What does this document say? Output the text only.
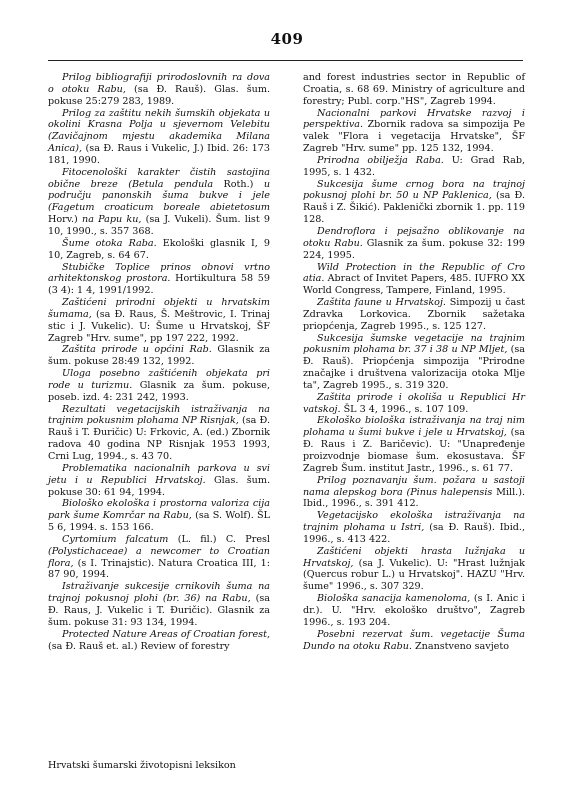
409

Prilog bibliografiji prirodoslovnih ra dova o otoku Rabu, (sa Đ. Rauš). Glas. šum. pokuse 25:279 283, 1989.

Prilog za zaštitu nekih šumskih objekata u okolini Krasna Polja u sjevernom Velebitu (Zavičajnom mjestu akademika Milana Anica), (sa Đ. Raus i Vukelic, J.) Ibid. 26: 173 181, 1990.

Fitocenološki karakter čistih sastojina obične breze (Betula pendula Roth.) u području panonskih šuma bukve i jele (Fagetum croaticum boreale abietetosum Horv.) na Papu ku, (sa J. Vukeli). Šum. list 9 10, 1990., s. 357 368.

Šume otoka Raba. Ekološki glasnik I, 9 10, Zagreb, s. 64 67.

Stubičke Toplice prinos obnovi vrtno arhitektonskog prostora. Hortikultura 58 59 (3 4): 1 4, 1991/1992.

Zaštićeni prirodni objekti u hrvatskim šumama, (sa Đ. Raus, Š. Meštrovic, I. Trinaj stic i J. Vukelic). U: Šume u Hrvatskoj, ŠF Zagreb "Hrv. sume", pp 197 222, 1992.

Zaštita prirode u općini Rab. Glasnik za šum. pokuse 28:49 132, 1992.

Uloga posebno zaštićenih objekata pri rode u turizmu. Glasnik za šum. pokuse, poseb. izd. 4: 231 242, 1993.

Rezultati vegetacijskih istraživanja na trajnim pokusnim plohama NP Risnjak, (sa Đ. Rauš i T. Đuričic) U: Frkovic, A. (ed.) Zbornik radova 40 godina NP Risnjak 1953 1993, Crni Lug, 1994., s. 43 70.

Problematika nacionalnih parkova u svi jetu i u Republici Hrvatskoj. Glas. šum. pokuse 30: 61 94, 1994.

Biološko ekološka i prostorna valoriza cija park šume Komrčar na Rabu, (sa S. Wolf). ŠL 5 6, 1994. s. 153 166.

Cyrtomium falcatum (L. fil.) C. Presl (Polystichaceae) a newcomer to Croatian flora, (s I. Trinajstic). Natura Croatica III, 1: 87 90, 1994.

Istraživanje sukcesije crnikovih šuma na trajnoj pokusnoj plohi (br. 36) na Rabu, (sa Đ. Raus, J. Vukelic i T. Đuričic). Glasnik za šum. pokuse 31: 93 134, 1994.

Protected Nature Areas of Croatian forest, (sa Đ. Rauš et. al.) Review of forestry

and forest industries sector in Republic of Croatia, s. 68 69. Ministry of agriculture and forestry; Publ. corp."HS", Zagreb 1994.

Nacionalni parkovi Hrvatske razvoj i perspektiva. Zbornik radova sa simpozija Pe valek "Flora i vegetacija Hrvatske", ŠF Zagreb "Hrv. sume" pp. 125 132, 1994.

Prirodna obilježja Raba. U: Grad Rab, 1995, s. 1 432.

Sukcesija šume crnog bora na trajnoj pokusnoj plohi br. 50 u NP Paklenica, (sa Đ. Rauš i Z. Šikić). Paklenički zbornik 1. pp. 119 128.

Dendroflora i pejsažno oblikovanje na otoku Rabu. Glasnik za šum. pokuse 32: 199 224, 1995.

Wild Protection in the Republic of Cro atia. Abract of Invitet Papers, 485. IUFRO XX World Congress, Tampere, Finland, 1995.

Zaštita faune u Hrvatskoj. Simpozij u čast Zdravka Lorkovica. Zbornik sažetaka priopćenja, Zagreb 1995., s. 125 127.

Sukcesija šumske vegetacije na trajnim pokusnim plohama br. 37 i 38 u NP Mljet, (sa Đ. Rauš). Priopćenja simpozija "Prirodne značajke i društvena valorizacija otoka Mlje ta", Zagreb 1995., s. 319 320.

Zaštita prirode i okoliša u Republici Hr vatskoj. ŠL 3 4, 1996., s. 107 109.

Ekološko biološka istraživanja na traj nim plohama u šumi bukve i jele u Hrvatskoj, (sa Đ. Raus i Z. Baričevic). U: "Unapređenje proizvodnje biomase šum. ekosustava. ŠF Zagreb Šum. institut Jastr., 1996., s. 61 77.

Prilog poznavanju šum. požara u sastoji nama alepskog bora (Pinus halepensis Mill.). Ibid., 1996., s. 391 412.

Vegetacijsko ekološka istraživanja na trajnim plohama u Istri, (sa Đ. Rauš). Ibid., 1996., s. 413 422.

Zaštićeni objekti hrasta lužnjaka u Hrvatskoj, (sa J. Vukelic). U: "Hrast lužnjak (Quercus robur L.) u Hrvatskoj". HAZU "Hrv. šume" 1996., s. 307 329.

Biološka sanacija kamenoloma, (s I. Anic i dr.). U. "Hrv. ekološko društvo", Zagreb 1996., s. 193 204.

Posebni rezervat šum. vegetacije Šuma Dundo na otoku Rabu. Znanstveno savjeto

Hrvatski šumarski životopisni leksikon
